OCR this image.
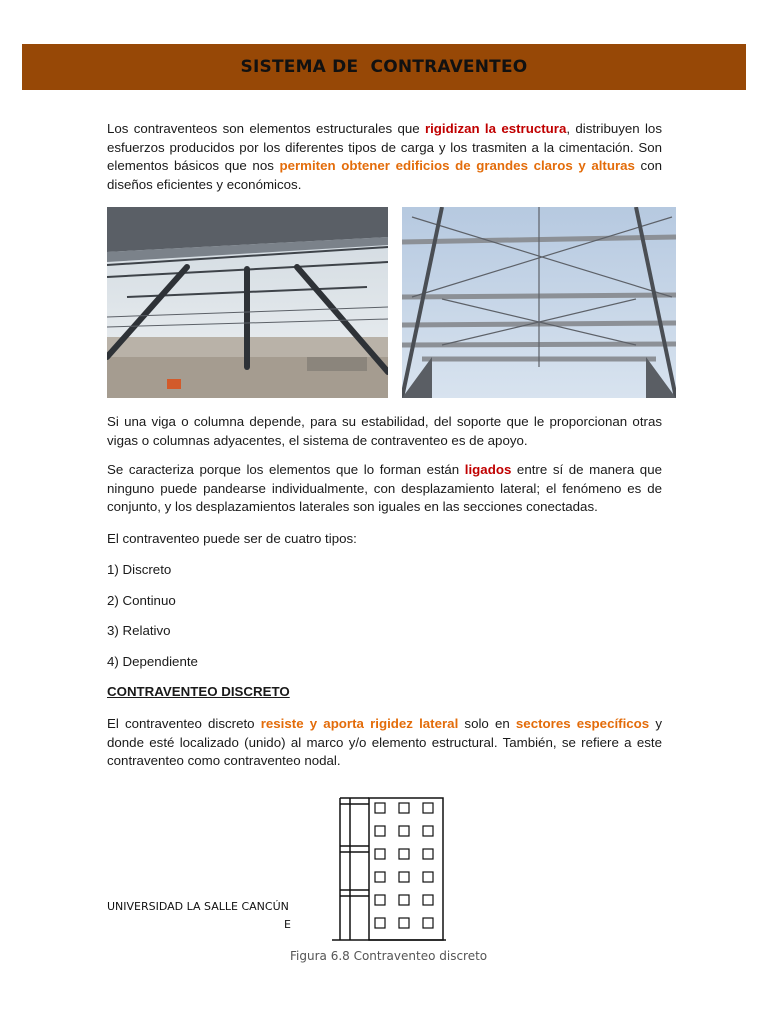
SISTEMA DE  CONTRAVENTEO

Los contraventeos son elementos estructurales que rigidizan la estructura, distribuyen los esfuerzos producidos por los diferentes tipos de carga y los trasmiten a la cimentación. Son elementos básicos que nos permiten obtener edificios de grandes claros y alturas con diseños eficientes y económicos.

Si una viga o columna depende, para su estabilidad, del soporte que le proporcionan otras vigas o columnas adyacentes, el sistema de contraventeo es de apoyo.

Se caracteriza porque los elementos que lo forman están ligados entre sí de manera que ninguno puede pandearse individualmente, con desplazamiento lateral; el fenómeno es de conjunto, y los desplazamientos laterales son iguales en las secciones conectadas.

El contraventeo puede ser de cuatro tipos:

1) Discreto

2) Continuo

3) Relativo

4) Dependiente

CONTRAVENTEO DISCRETO

El contraventeo discreto resiste y aporta rigidez lateral solo en sectores específicos y donde esté localizado (unido) al marco y/o elemento estructural. También, se refiere a este contraventeo como contraventeo nodal.

UNIVERSIDAD LA SALLE CANCÚN

E

Figura 6.8 Contraventeo discreto
